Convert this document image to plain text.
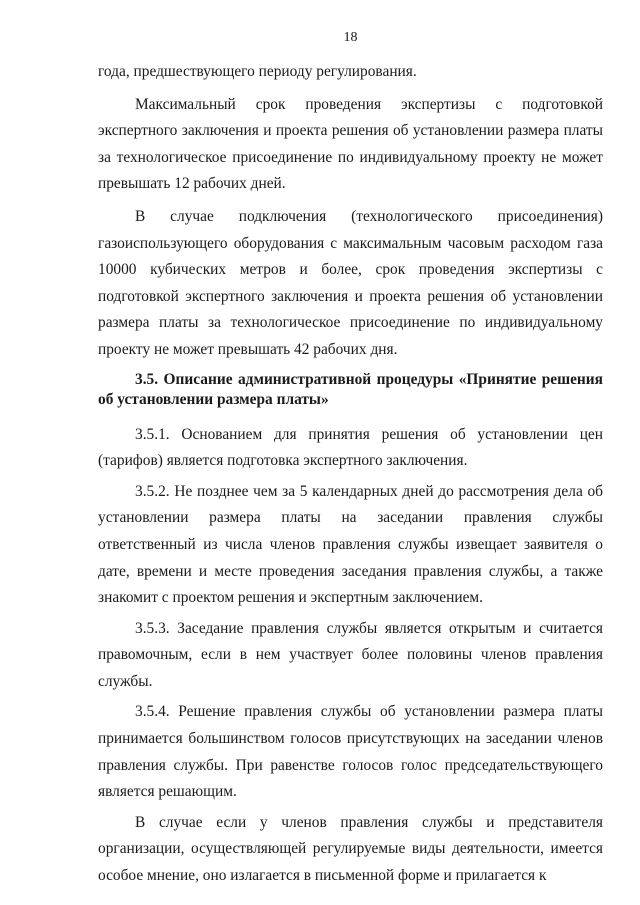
18

года, предшествующего периоду регулирования.

Максимальный срок проведения экспертизы с подготовкой экспертного заключения и проекта решения об установлении размера платы за технологическое присоединение по индивидуальному проекту не может превышать 12 рабочих дней.

В случае подключения (технологического присоединения) газоиспользующего оборудования с максимальным часовым расходом газа 10000 кубических метров и более, срок проведения экспертизы с подготовкой экспертного заключения и проекта решения об установлении размера платы за технологическое присоединение по индивидуальному проекту не может превышать 42 рабочих дня.

3.5. Описание административной процедуры «Принятие решения об установлении размера платы»

3.5.1. Основанием для принятия решения об установлении цен (тарифов) является подготовка экспертного заключения.

3.5.2. Не позднее чем за 5 календарных дней до рассмотрения дела об установлении размера платы на заседании правления службы ответственный из числа членов правления службы извещает заявителя о дате, времени и месте проведения заседания правления службы, а также знакомит с проектом решения и экспертным заключением.

3.5.3. Заседание правления службы является открытым и считается правомочным, если в нем участвует более половины членов правления службы.

3.5.4. Решение правления службы об установлении размера платы принимается большинством голосов присутствующих на заседании членов правления службы. При равенстве голосов голос председательствующего является решающим.

В случае если у членов правления службы и представителя организации, осуществляющей регулируемые виды деятельности, имеется особое мнение, оно излагается в письменной форме и прилагается к
